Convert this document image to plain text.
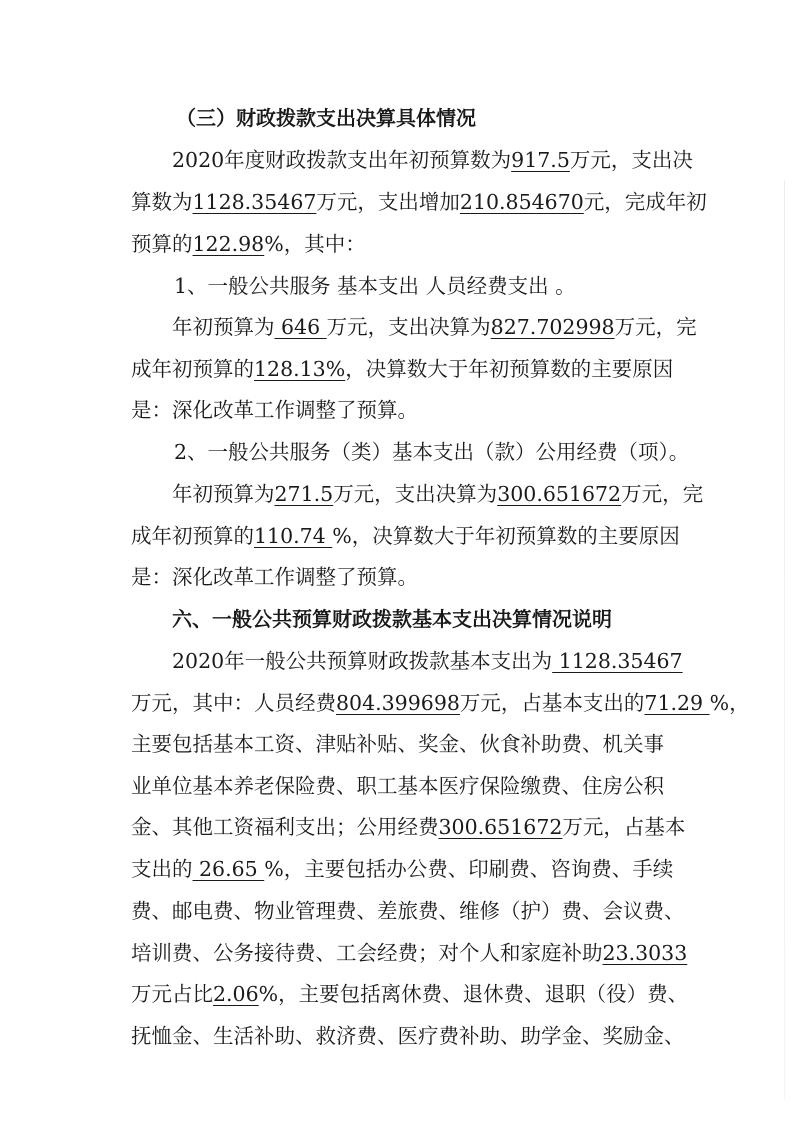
（三）财政拨款支出决算具体情况
2020年度财政拨款支出年初预算数为917.5万元，支出决
算数为1128.35467万元，支出增加210.854670元，完成年初
预算的122.98%，其中：
1、一般公共服务 基本支出 人员经费支出 。
年初预算为 646 万元，支出决算为827.702998万元，完
成年初预算的128.13%，决算数大于年初预算数的主要原因
是：深化改革工作调整了预算。
2、一般公共服务（类）基本支出（款）公用经费（项）。
年初预算为271.5万元，支出决算为300.651672万元，完
成年初预算的110.74 %，决算数大于年初预算数的主要原因
是：深化改革工作调整了预算。
六、一般公共预算财政拨款基本支出决算情况说明
2020年一般公共预算财政拨款基本支出为 1128.35467
万元，其中：人员经费804.399698万元，占基本支出的71.29 %，
主要包括基本工资、津贴补贴、奖金、伙食补助费、机关事
业单位基本养老保险费、职工基本医疗保险缴费、住房公积
金、其他工资福利支出；公用经费300.651672万元，占基本
支出的 26.65 %，主要包括办公费、印刷费、咨询费、手续
费、邮电费、物业管理费、差旅费、维修（护）费、会议费、
培训费、公务接待费、工会经费；对个人和家庭补助23.3033
万元占比2.06%，主要包括离休费、退休费、退职（役）费、
抚恤金、生活补助、救济费、医疗费补助、助学金、奖励金、
